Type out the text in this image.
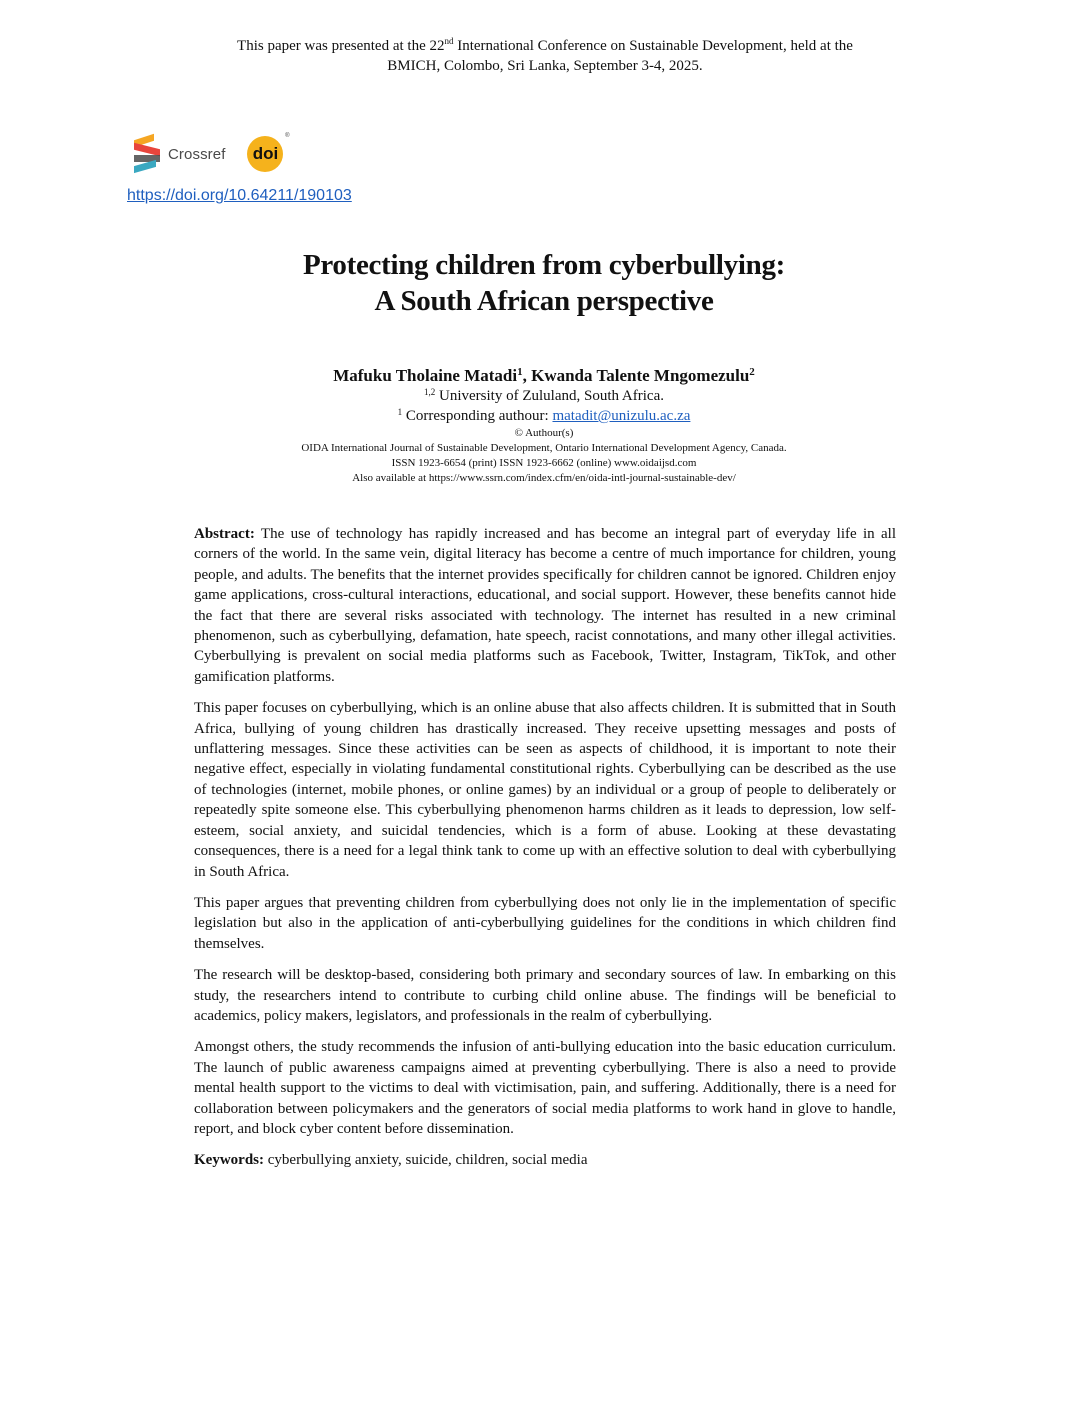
This paper was presented at the 22nd International Conference on Sustainable Development, held at the
BMICH, Colombo, Sri Lanka, September 3-4, 2025.
Crossref doi
®
https://doi.org/10.64211/190103
Protecting children from cyberbullying:
A South African perspective
Mafuku Tholaine Matadi$^1$, Kwanda Talente Mngomezulu$^2$
$^{1,2}$ University of Zululand, South Africa.
$^1$ Corresponding authour: matadit@unizulu.ac.za
© Authour(s)
OIDA International Journal of Sustainable Development, Ontario International Development Agency, Canada.
ISSN 1923-6654 (print) ISSN 1923-6662 (online) www.oidaijsd.com
Also available at https://www.ssrn.com/index.cfm/en/oida-intl-journal-sustainable-dev/

Abstract: The use of technology has rapidly increased and has become an integral part of everyday life in all corners of the world. In the same vein, digital literacy has become a centre of much importance for children, young people, and adults. The benefits that the internet provides specifically for children cannot be ignored. Children enjoy game applications, cross-cultural interactions, educational, and social support. However, these benefits cannot hide the fact that there are several risks associated with technology. The internet has resulted in a new criminal phenomenon, such as cyberbullying, defamation, hate speech, racist connotations, and many other illegal activities. Cyberbullying is prevalent on social media platforms such as Facebook, Twitter, Instagram, TikTok, and other gamification platforms.

This paper focuses on cyberbullying, which is an online abuse that also affects children. It is submitted that in South Africa, bullying of young children has drastically increased. They receive upsetting messages and posts of unflattering messages. Since these activities can be seen as aspects of childhood, it is important to note their negative effect, especially in violating fundamental constitutional rights. Cyberbullying can be described as the use of technologies (internet, mobile phones, or online games) by an individual or a group of people to deliberately or repeatedly spite someone else. This cyberbullying phenomenon harms children as it leads to depression, low self-esteem, social anxiety, and suicidal tendencies, which is a form of abuse. Looking at these devastating consequences, there is a need for a legal think tank to come up with an effective solution to deal with cyberbullying in South Africa.

This paper argues that preventing children from cyberbullying does not only lie in the implementation of specific legislation but also in the application of anti-cyberbullying guidelines for the conditions in which children find themselves.

The research will be desktop-based, considering both primary and secondary sources of law. In embarking on this study, the researchers intend to contribute to curbing child online abuse. The findings will be beneficial to academics, policy makers, legislators, and professionals in the realm of cyberbullying.

Amongst others, the study recommends the infusion of anti-bullying education into the basic education curriculum. The launch of public awareness campaigns aimed at preventing cyberbullying. There is also a need to provide mental health support to the victims to deal with victimisation, pain, and suffering. Additionally, there is a need for collaboration between policymakers and the generators of social media platforms to work hand in glove to handle, report, and block cyber content before dissemination.

Keywords: cyberbullying anxiety, suicide, children, social media
